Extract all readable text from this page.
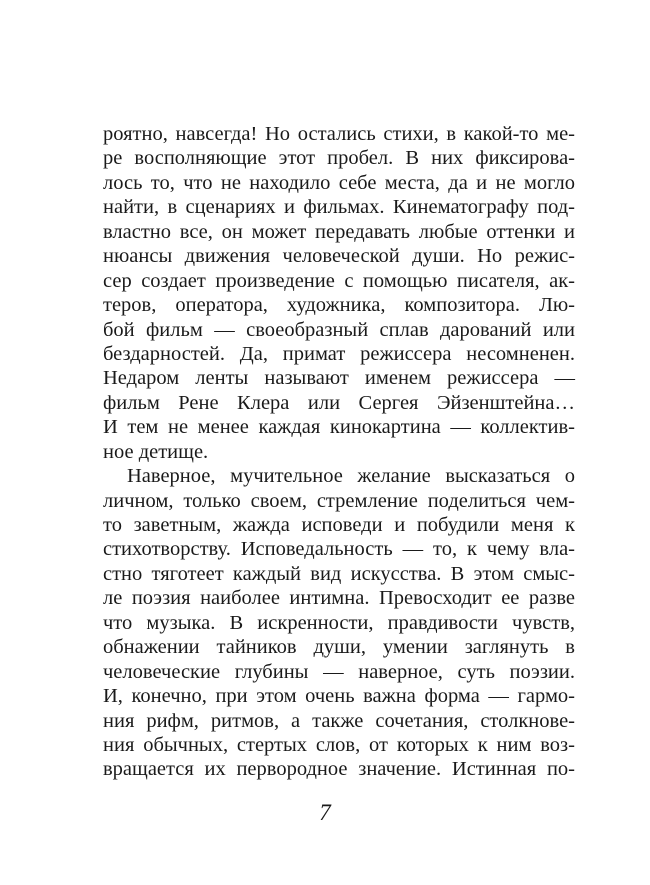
роятно, навсегда! Но остались стихи, в какой-то ме-
ре восполняющие этот пробел. В них фиксирова-
лось то, что не находило себе места, да и не могло
найти, в сценариях и фильмах. Кинематографу под-
властно все, он может передавать любые оттенки и
нюансы движения человеческой души. Но режис-
сер создает произведение с помощью писателя, ак-
теров, оператора, художника, композитора. Лю-
бой фильм — своеобразный сплав дарований или
бездарностей. Да, примат режиссера несомненен.
Недаром ленты называют именем режиссера —
фильм Рене Клера или Сергея Эйзенштейна…
И тем не менее каждая кинокартина — коллектив-
ное детище.
Наверное, мучительное желание высказаться о
личном, только своем, стремление поделиться чем-
то заветным, жажда исповеди и побудили меня к
стихотворству. Исповедальность — то, к чему вла-
стно тяготеет каждый вид искусства. В этом смыс-
ле поэзия наиболее интимна. Превосходит ее разве
что музыка. В искренности, правдивости чувств,
обнажении тайников души, умении заглянуть в
человеческие глубины — наверное, суть поэзии.
И, конечно, при этом очень важна форма — гармо-
ния рифм, ритмов, а также сочетания, столкнове-
ния обычных, стертых слов, от которых к ним воз-
вращается их первородное значение. Истинная по-
7
